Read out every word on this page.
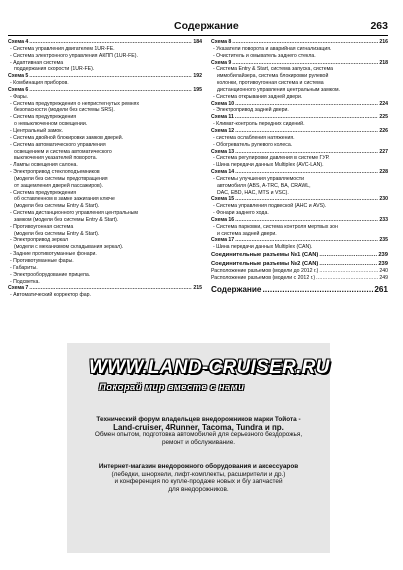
Содержание	263
Схема 4 .....	184
- Система управления двигателем 1UR-FE.
- Система электронного управления АКПП (1UR-FE).
- Адаптивная система
поддержания скорости (1UR-FE).
Схема 5 .....	192
- Комбинация приборов.
Схема 6 .....	195
- Фары.
- Система предупреждения о непристегнутых ремнях
безопасности (модели без системы SRS).
- Система предупреждения
о невыключенном освещении.
- Центральный замок.
- Система двойной блокировки замков дверей.
- Система автоматического управления
освещением и система автоматического
выключения указателей поворота.
- Лампы освещения салона.
- Электропривод стеклоподъемников
(модели без системы предотвращения
от защемления дверей пассажиров).
- Система предупреждения
об оставленном в замке зажигания ключе
(модели без системы Entry & Start).
- Система дистанционного управления центральным
замком (модели без системы Entry & Start).
- Противоугонная система
(модели без системы Entry & Start).
- Электропривод зеркал
(модели с механизмом складывания зеркал).
- Задние противотуманные фонари.
- Противотуманные фары.
- Габариты.
- Электрооборудование прицепа.
- Подсветка.
Схема 7 .....	215
- Автоматический корректор фар.
Схема 8 .....	216
- Указатели поворота и аварийная сигнализация.
- Очиститель и омыватель заднего стекла.
Схема 9 .....	218
- Система Entry & Start, система запуска, система
иммобилайзера, система блокировки рулевой
колонки, противоугонная система и система
дистанционного управления центральным замком.
- Система открывания задней двери.
Схема 10 .....	224
- Электропривод задней двери.
Схема 11 .....	225
- Климат-контроль передних сидений.
Схема 12 .....	226
- система ослабления натяжения.
- Обогреватель рулевого колеса.
Схема 13 .....	227
- Система регулировки давления в системе ГУР.
- Шина передачи данных Multiplex (AVC-LAN).
Схема 14 .....	228
- Системы улучшения управляемости
автомобиля (ABS, A-TRC, BA, CRAWL,
DAC, EBD, HAC, MTS и VSC).
Схема 15 .....	230
- Система управления подвеской (AHC и AVS).
- Фонари заднего хода.
Схема 16 .....	233
- Система парковки, система контроля мертвых зон
и система задней двери.
Схема 17 .....	235
- Шина передачи данных Multiplex (CAN).
Соединительные разъемы №1 (CAN) .....	239
Соединительные разъемы №2 (CAN) .....	239
Расположение разъемов (модели до 2012 г.) .....	240
Расположение разъемов (модели с 2012 г.) .....	249
Содержание .....	261
WWW.LAND-CRUISER.RU
Покорай мир вместе с нами
Технический форум владельцев внедорожников марки Тойота -
Land-cruiser, 4Runner, Tacoma, Tundra и пр.
Обмен опытом, подготовка автомобилей для серьезного бездорожья,
ремонт и обслуживание.
Интернет-магазин внедорожного оборудования и аксессуаров
(лебедки, шнорхели, лифт-комплекты, расширители и др.)
и конференция по купле-продаже новых и б/у запчастей
для внедорожников.
